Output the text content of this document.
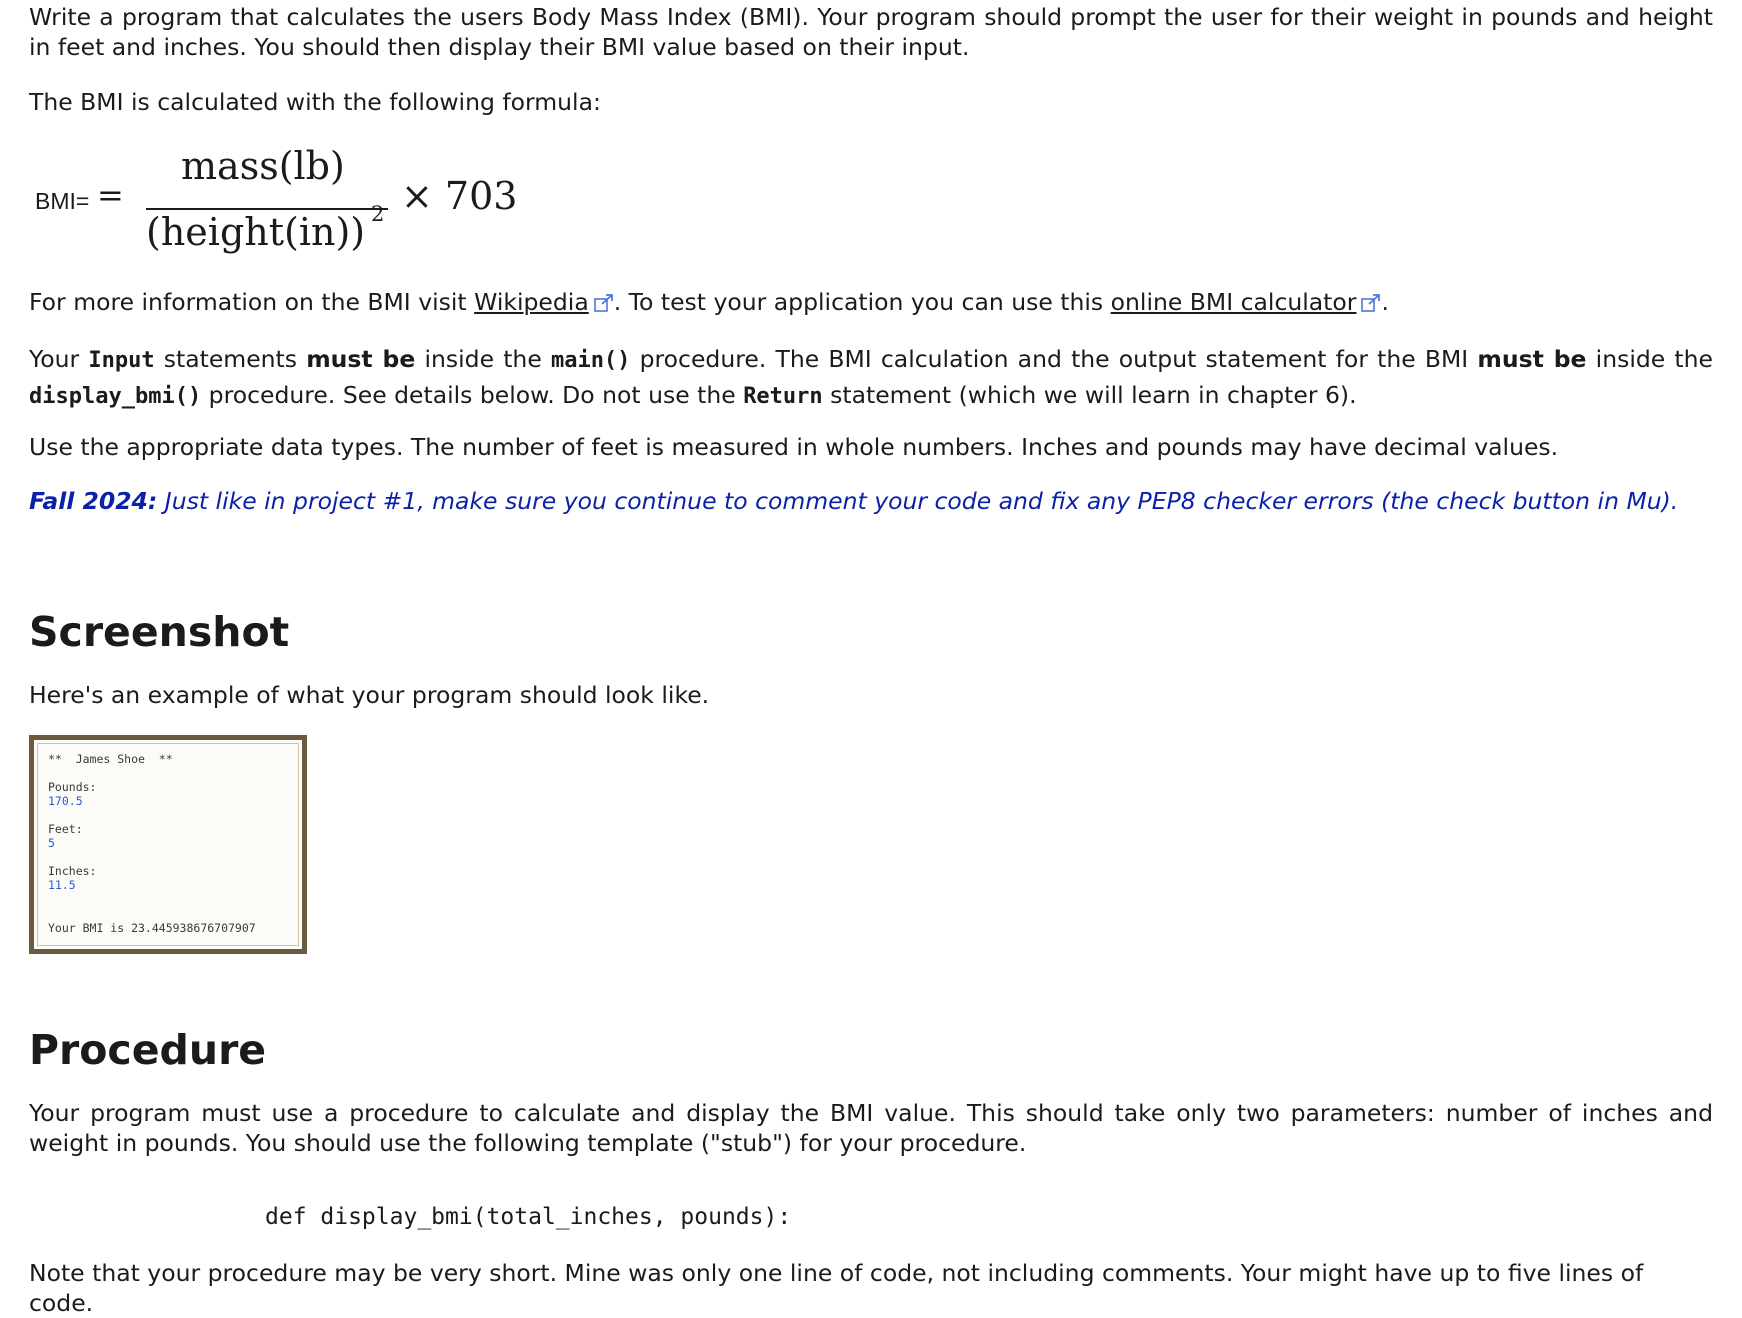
Write a program that calculates the users Body Mass Index (BMI). Your program should prompt the user for their weight in pounds and height in feet and inches. You should then display their BMI value based on their input.

The BMI is calculated with the following formula:

BMI= =
mass(lb)
(height(in)) 2 × 703

For more information on the BMI visit Wikipedia . To test your application you can use this online BMI calculator .

Your Input statements must be inside the main() procedure. The BMI calculation and the output statement for the BMI must be inside the display_bmi() procedure. See details below. Do not use the Return statement (which we will learn in chapter 6).

Use the appropriate data types. The number of feet is measured in whole numbers. Inches and pounds may have decimal values.

Fall 2024: Just like in project #1, make sure you continue to comment your code and fix any PEP8 checker errors (the check button in Mu).

Screenshot

Here's an example of what your program should look like.

**  James Shoe  **
Pounds:
170.5
Feet:
5
Inches:
11.5
Your BMI is 23.445938676707907
Procedure

Your program must use a procedure to calculate and display the BMI value. This should take only two parameters: number of inches and weight in pounds. You should use the following template ("stub") for your procedure.

def display_bmi(total_inches, pounds):

Note that your procedure may be very short. Mine was only one line of code, not including comments. Your might have up to five lines of code.
